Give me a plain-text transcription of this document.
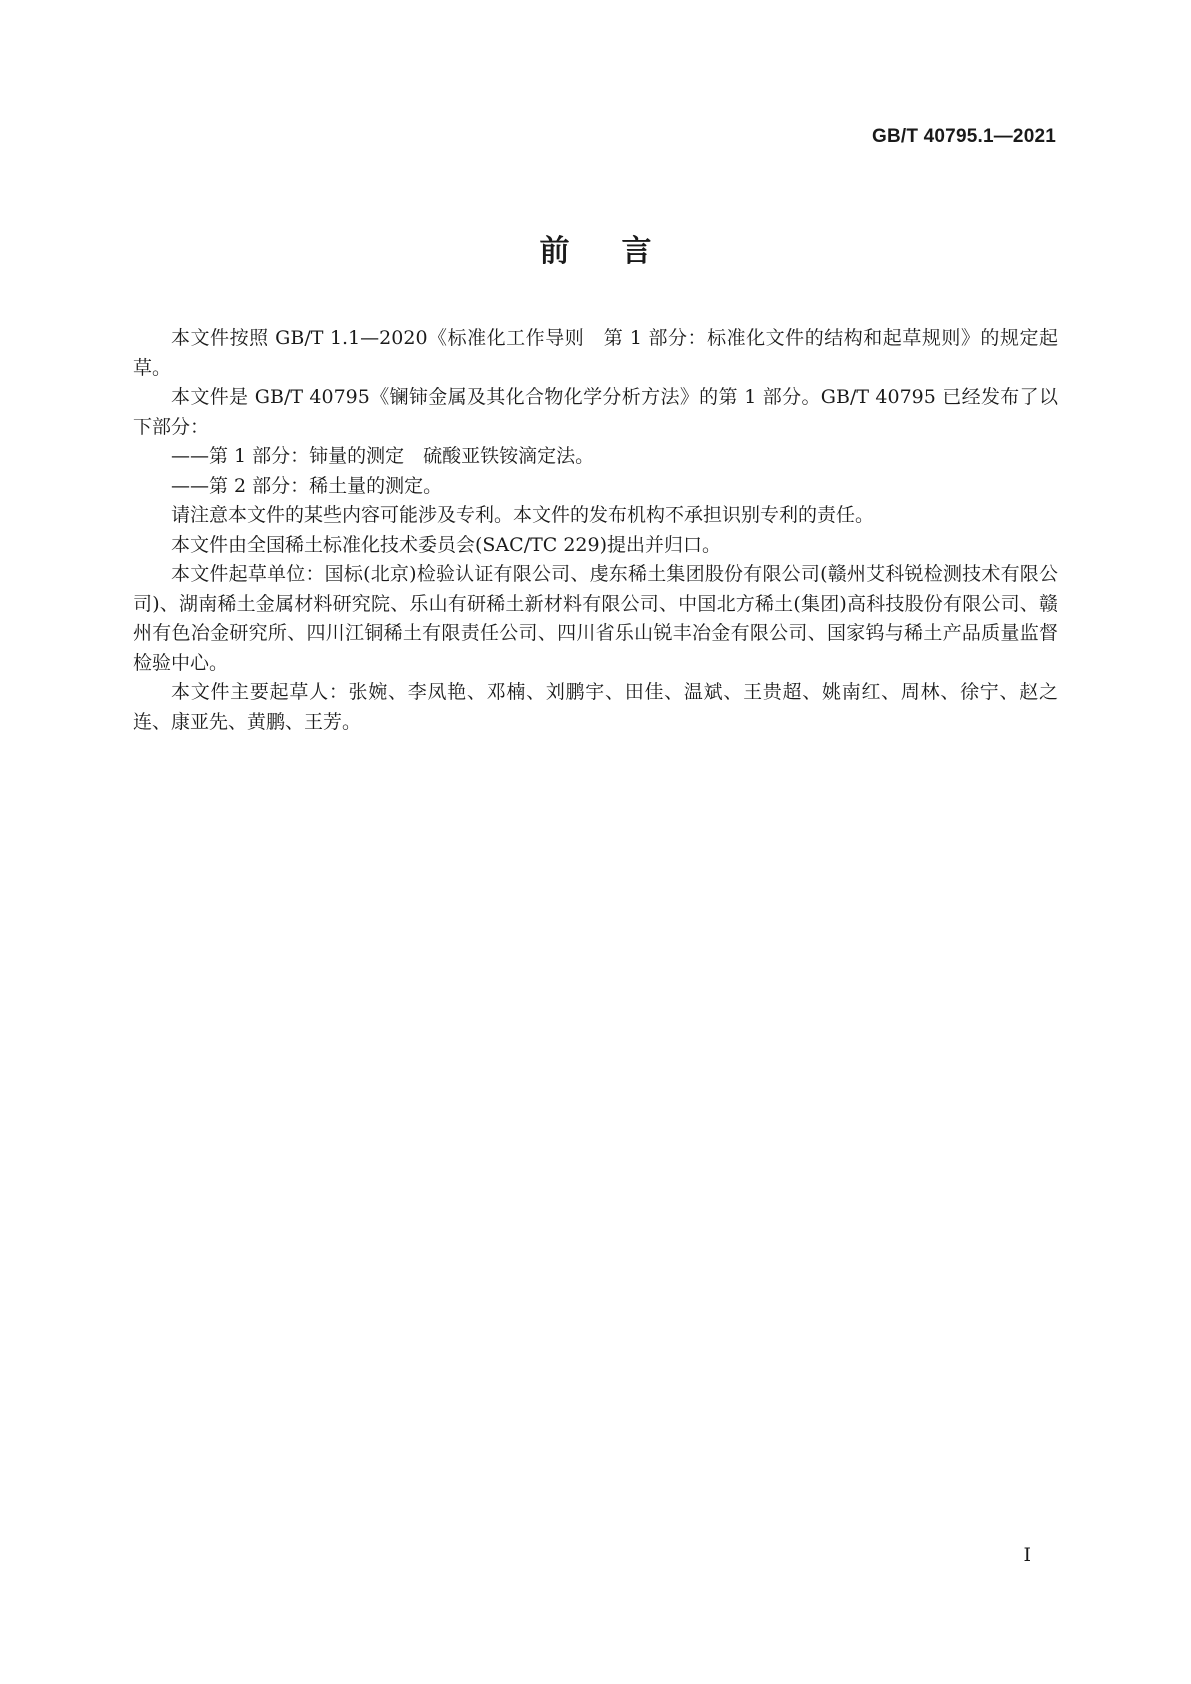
GB/T 40795.1—2021
前言

本文件按照 GB/T 1.1—2020《标准化工作导则　第 1 部分：标准化文件的结构和起草规则》的规定起草。

本文件是 GB/T 40795《镧铈金属及其化合物化学分析方法》的第 1 部分。GB/T 40795 已经发布了以下部分：

——第 1 部分：铈量的测定　硫酸亚铁铵滴定法。

——第 2 部分：稀土量的测定。

请注意本文件的某些内容可能涉及专利。本文件的发布机构不承担识别专利的责任。

本文件由全国稀土标准化技术委员会(SAC/TC 229)提出并归口。

本文件起草单位：国标(北京)检验认证有限公司、虔东稀土集团股份有限公司(赣州艾科锐检测技术有限公司)、湖南稀土金属材料研究院、乐山有研稀土新材料有限公司、中国北方稀土(集团)高科技股份有限公司、赣州有色冶金研究所、四川江铜稀土有限责任公司、四川省乐山锐丰冶金有限公司、国家钨与稀土产品质量监督检验中心。

本文件主要起草人：张婉、李凤艳、邓楠、刘鹏宇、田佳、温斌、王贵超、姚南红、周林、徐宁、赵之连、康亚先、黄鹏、王芳。

I
